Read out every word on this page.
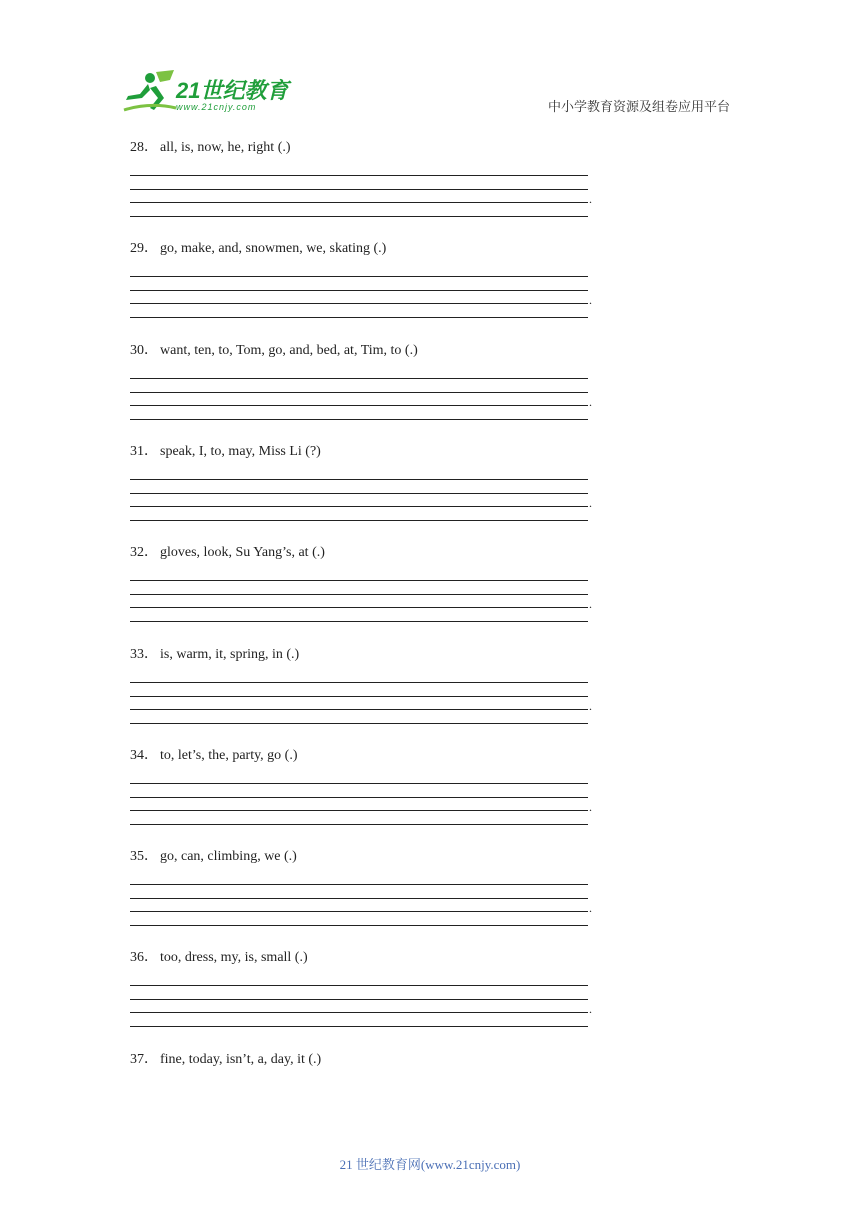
21世纪教育
www.21cnjy.com	中小学教育资源及组卷应用平台
28． all, is, now, he, right (.)
.
29． go, make, and, snowmen, we, skating (.)
.
30． want, ten, to, Tom, go, and, bed, at, Tim, to (.)
.
31． speak, I, to, may, Miss Li (?)
.
32． gloves, look, Su Yang’s, at (.)
.
33． is, warm, it, spring, in (.)
.
34． to, let’s, the, party, go (.)
.
35． go, can, climbing, we (.)
.
36． too, dress, my, is, small (.)
.
37． fine, today, isn’t, a, day, it (.)
21 世纪教育网(www.21cnjy.com)
